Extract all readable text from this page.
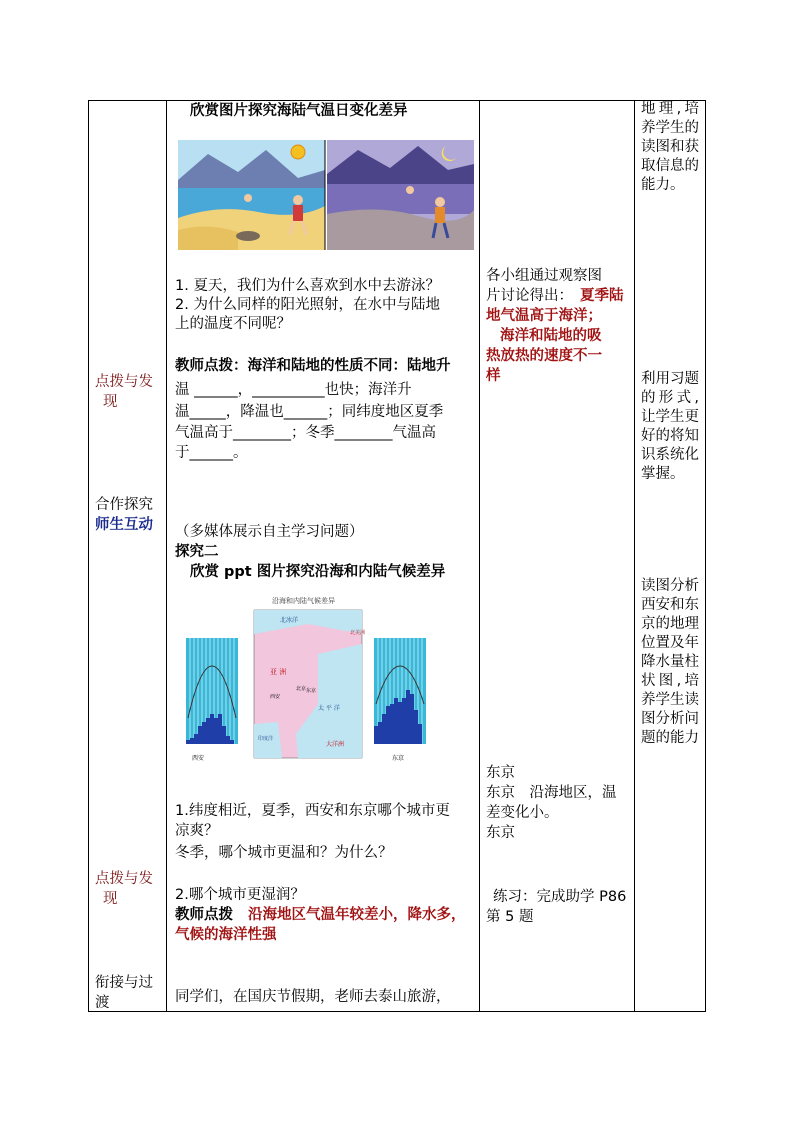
点拨与发
现
合作探究
师生互动
点拨与发
现
衔接与过
渡
欣赏图片探究海陆气温日变化差异
1. 夏天，我们为什么喜欢到水中去游泳？
2. 为什么同样的阳光照射，在水中与陆地
上的温度不同呢？
教师点拨：海洋和陆地的性质不同：陆地升
温 ______，__________也快；海洋升
温_____，降温也______；同纬度地区夏季
气温高于________；冬季________气温高
于______。
（多媒体展示自主学习问题）
探究二
欣赏 ppt 图片探究沿海和内陆气候差异
沿海和内陆气候差异
西安
北冰洋
亚 洲
北京
西安
太 平 洋
印度洋
大洋洲
东京
北美洲
东京
1.纬度相近，夏季，西安和东京哪个城市更
凉爽？
冬季，哪个城市更温和？为什么？
2.哪个城市更湿润？
教师点拨 沿海地区气温年较差小，降水多，
气候的海洋性强
同学们，在国庆节假期，老师去泰山旅游，
各小组通过观察图
片讨论得出： 夏季陆
地气温高于海洋；
海洋和陆地的吸
热放热的速度不一
样
东京
东京　沿海地区，温
差变化小。
东京
练习：完成助学 P86
第 5 题
地理,培养学生的读图和获取信息的能力。
利用习题的形式,让学生更好的将知识系统化掌握。
读图分析西安和东京的地理位置及年降水量柱状图,培养学生读图分析问题的能力
